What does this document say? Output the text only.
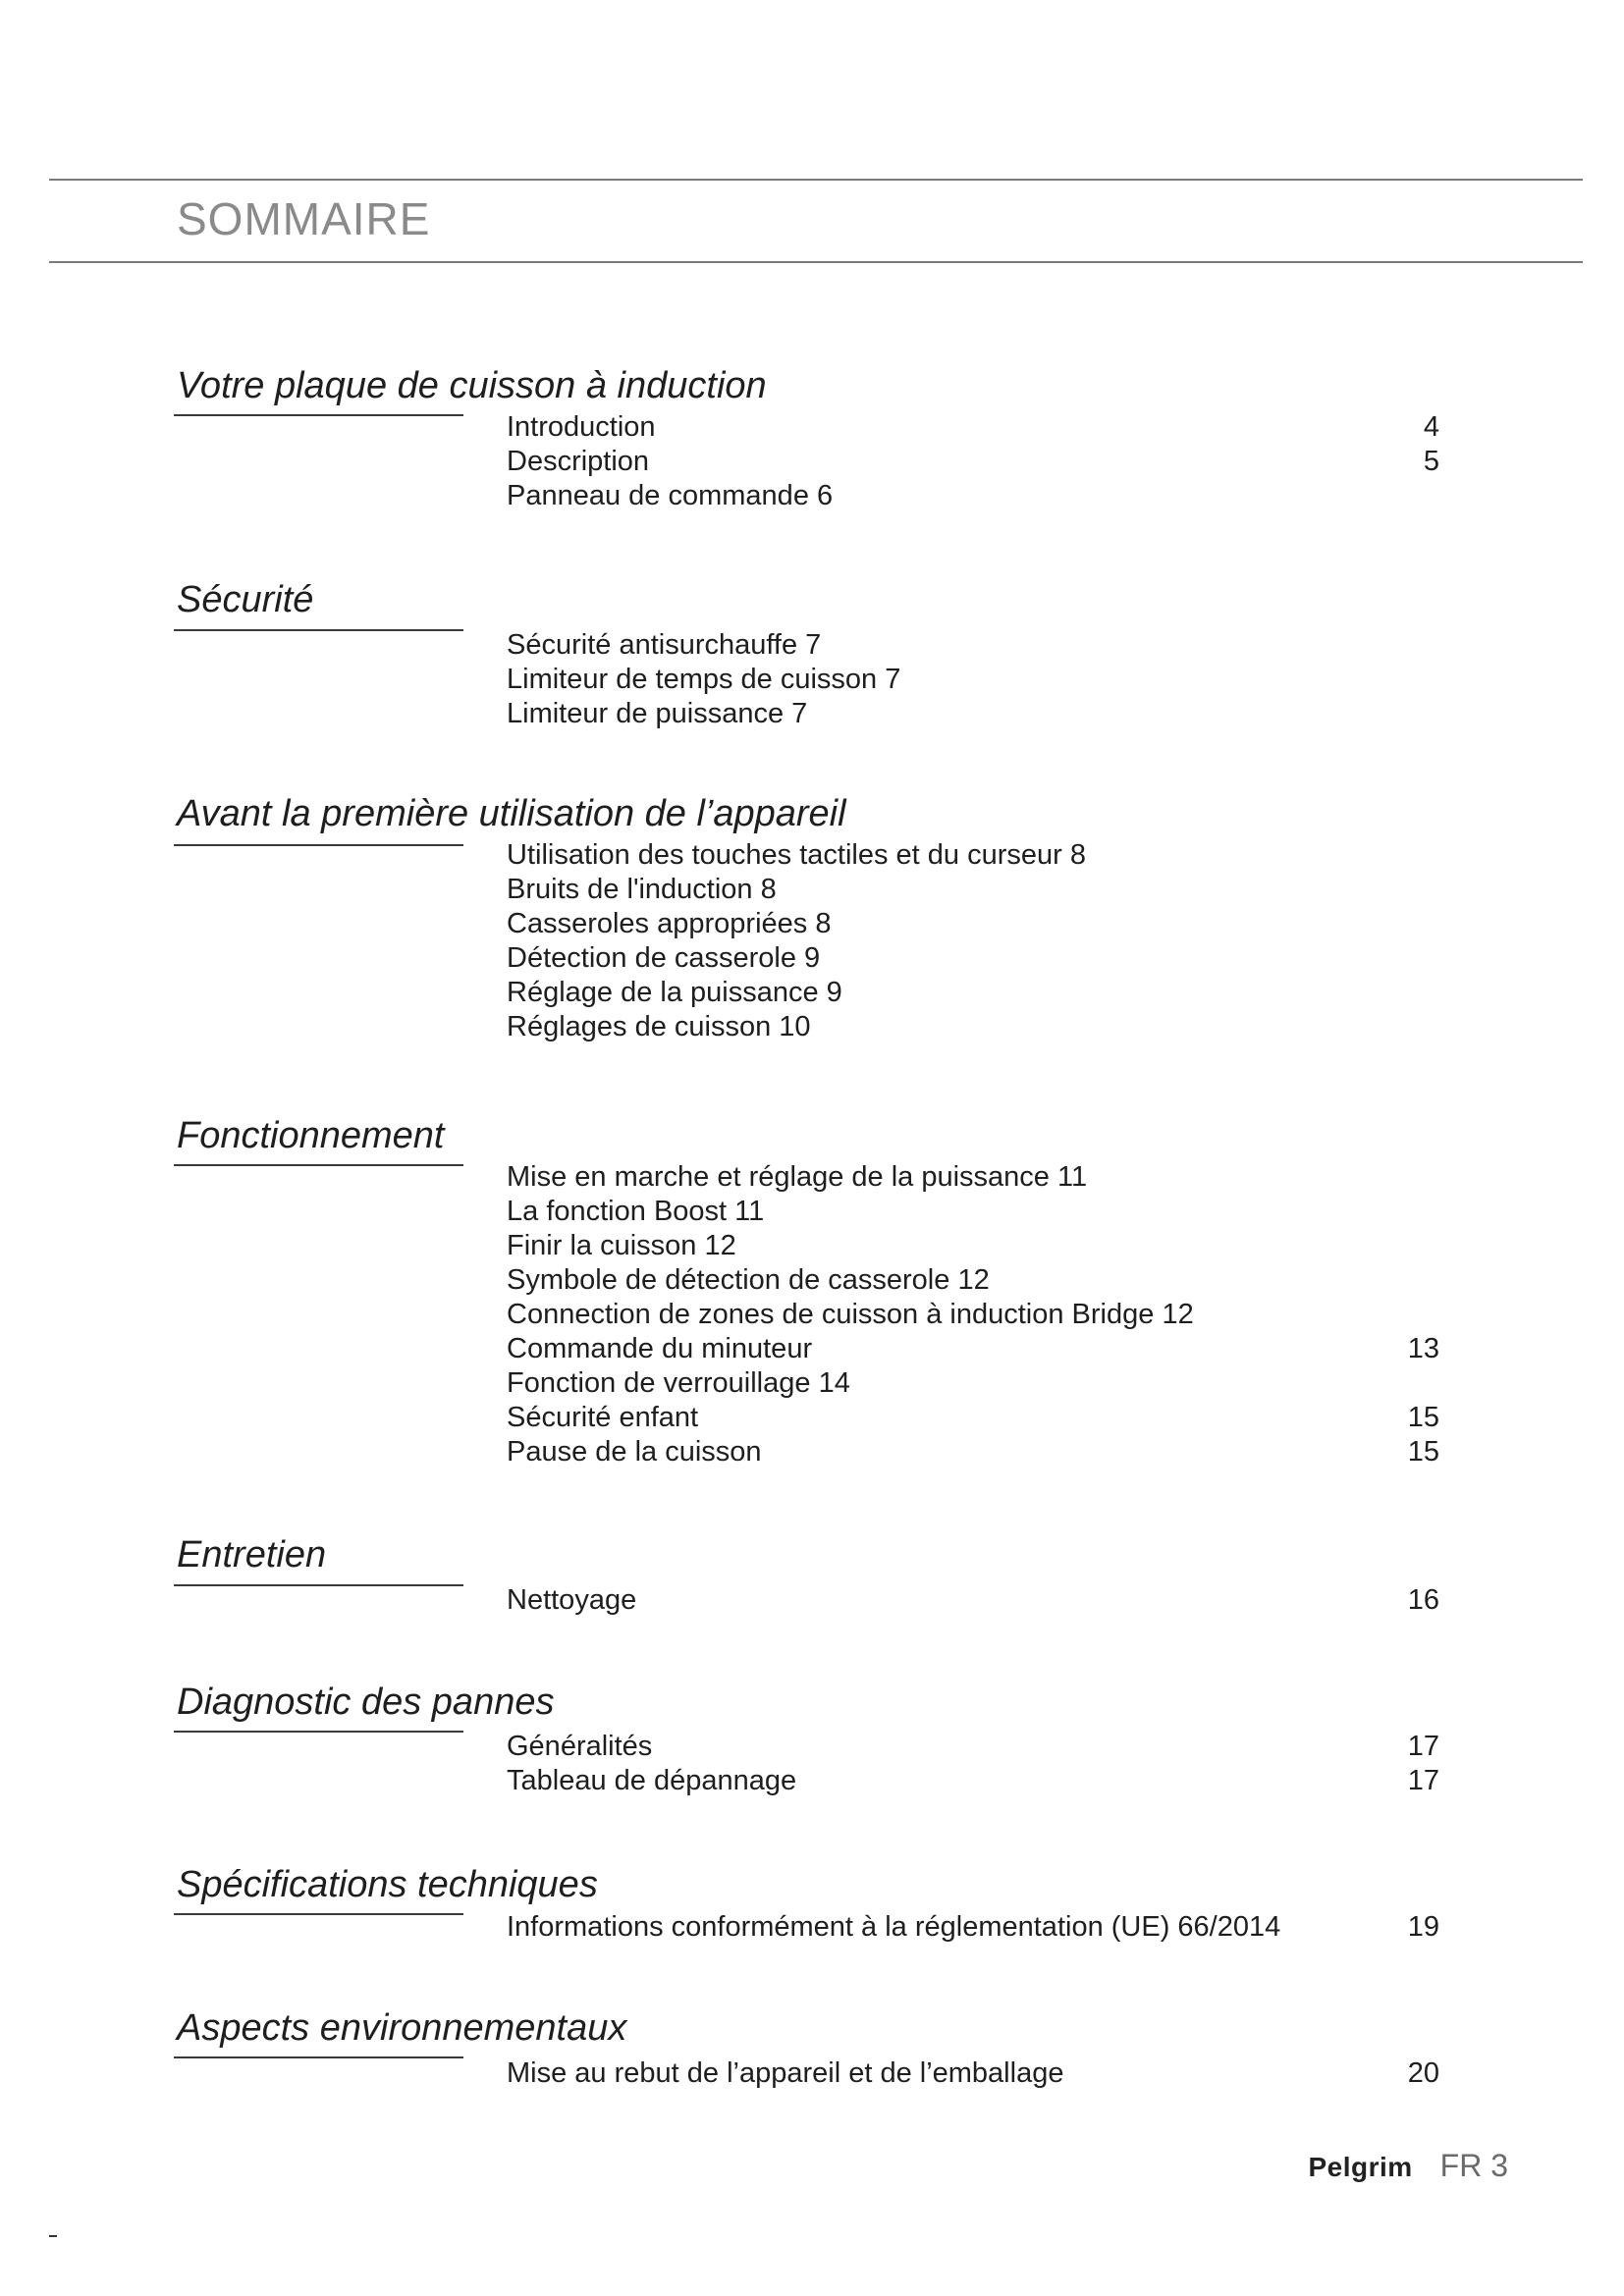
SOMMAIRE
Votre plaque de cuisson à induction
Introduction	4
Description	5
Panneau de commande 6
Sécurité
Sécurité antisurchauffe 7
Limiteur de temps de cuisson 7
Limiteur de puissance 7
Avant la première utilisation de l’appareil
Utilisation des touches tactiles et du curseur 8
Bruits de l'induction 8
Casseroles appropriées 8
Détection de casserole 9
Réglage de la puissance 9
Réglages de cuisson 10
Fonctionnement
Mise en marche et réglage de la puissance 11
La fonction Boost 11
Finir la cuisson 12
Symbole de détection de casserole 12
Connection de zones de cuisson à induction Bridge 12
Commande du minuteur	13
Fonction de verrouillage 14
Sécurité enfant	15
Pause de la cuisson	15
Entretien
Nettoyage	16
Diagnostic des pannes
Généralités	17
Tableau de dépannage	17
Spécifications techniques
Informations conformément à la réglementation (UE) 66/2014	19
Aspects environnementaux
Mise au rebut de l’appareil et de l’emballage	20
Pelgrim FR 3
